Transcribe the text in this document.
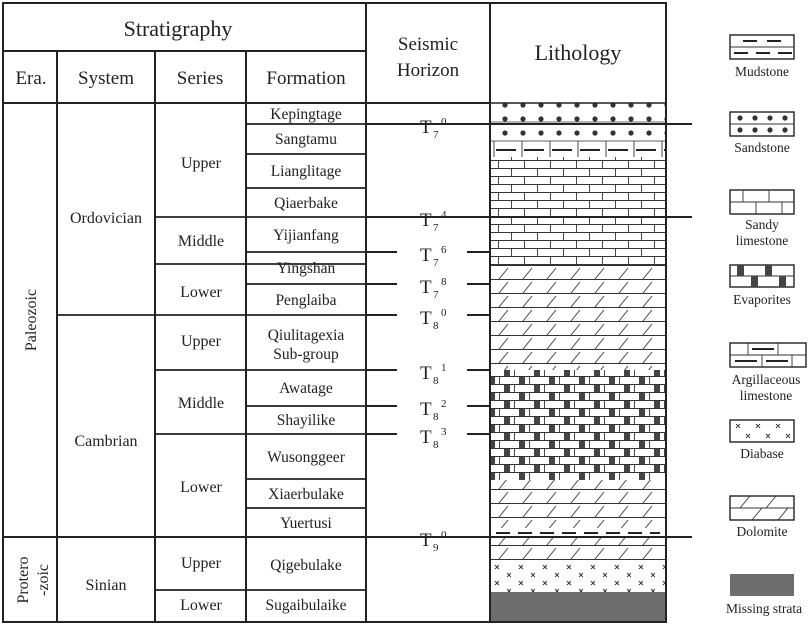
Stratigraphy
Era. System Series Formation
Seismic
Horizon
Lithology
Paleozoic
Protero -zoic
Ordovician
Cambrian
Sinian
Upper
Middle
Lower
Upper
Middle
Lower
Upper
Lower
Kepingtage
Sangtamu
Lianglitage
Qiaerbake
Yijianfang
Yingshan
Penglaiba
Qiulitagexia
Sub-group
Awatage
Shayilike
Wusonggeer
Xiaerbulake
Yuertusi
Qigebulake
Sugaibulaike
T 7
0
T 7
4
T 7
6
T 7
8
T 8
0
T 8
1
T 8
2
T 8
3
T 9
0
Mudstone
Sandstone
Sandy
limestone
Evaporites
Argillaceous
limestone
Diabase
Dolomite
Missing strata
